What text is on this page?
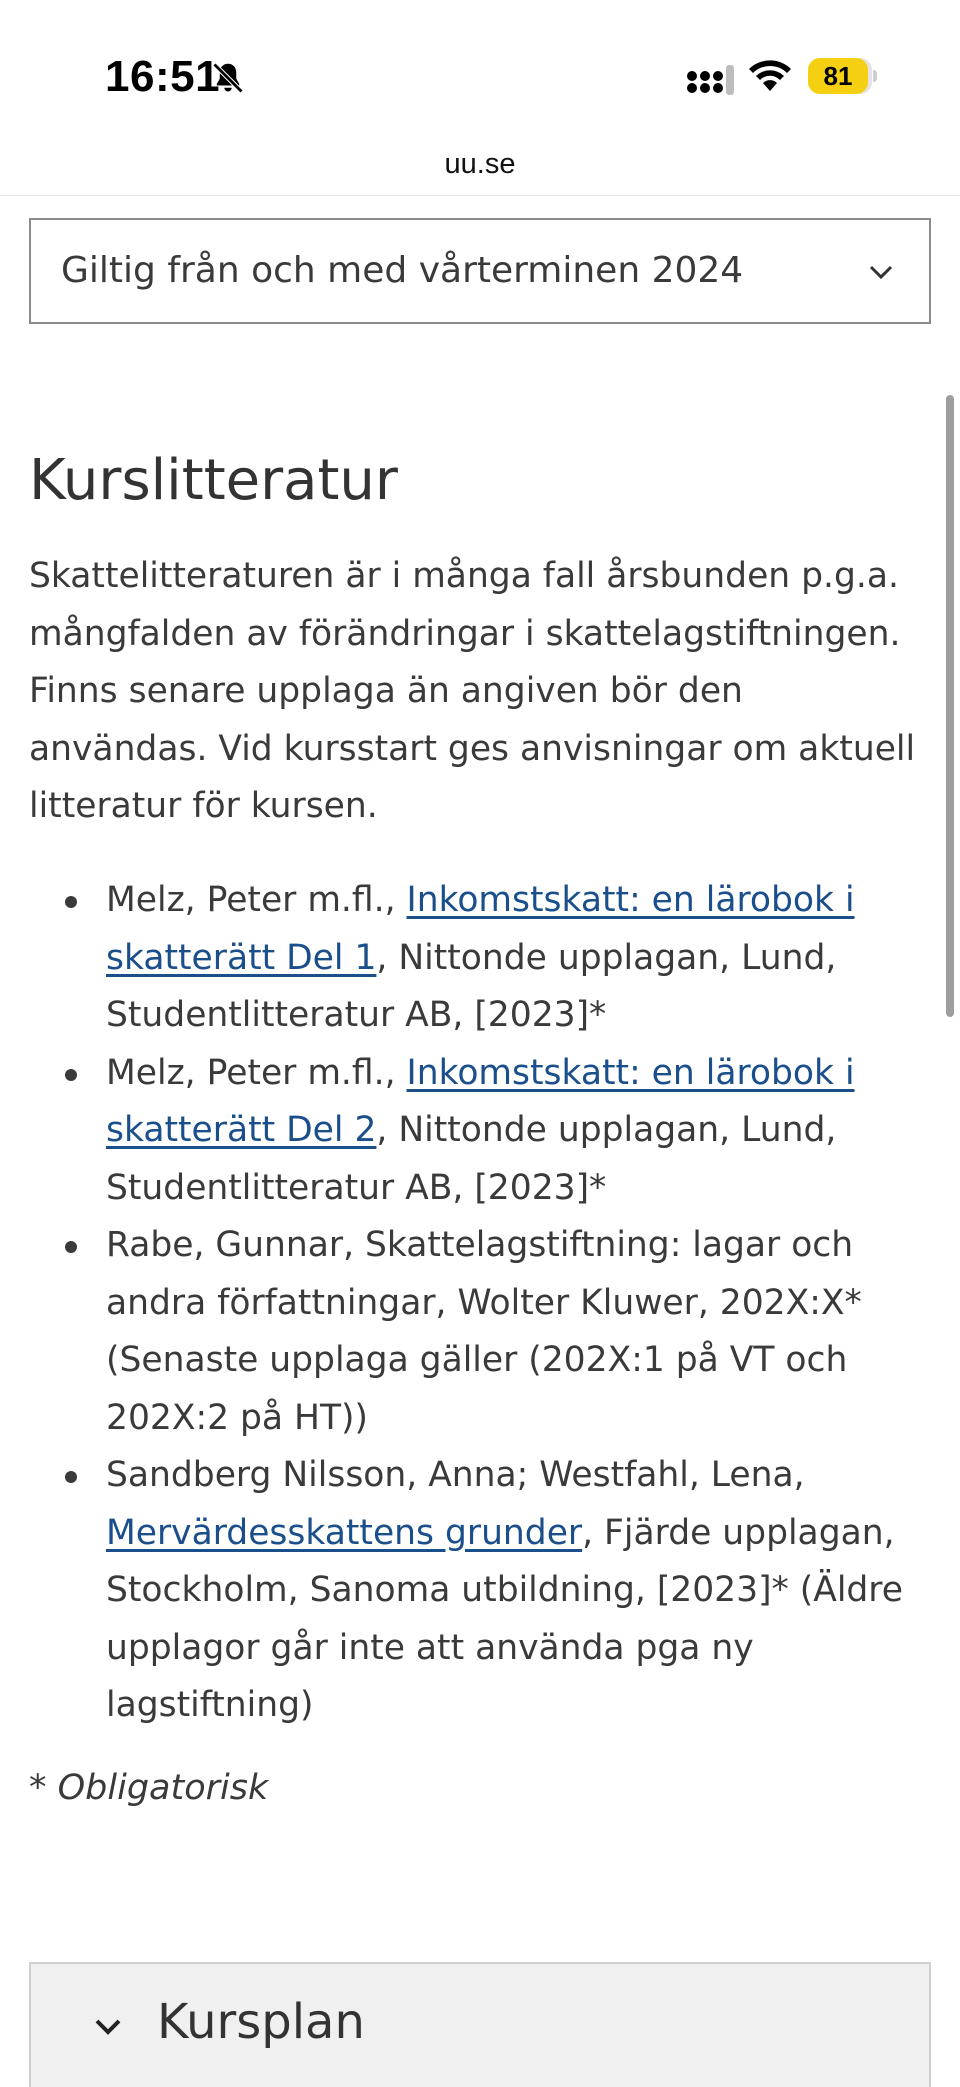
16:51	81
uu.se
Giltig från och med vårterminen 2024
Kurslitteratur

Skattelitteraturen är i många fall årsbunden p.g.a. mångfalden av förändringar i skattelagstiftningen. Finns senare upplaga än angiven bör den användas. Vid kursstart ges anvisningar om aktuell litteratur för kursen.

Melz, Peter m.fl., Inkomstskatt: en lärobok i skatterätt Del 1, Nittonde upplagan, Lund, Studentlitteratur AB, [2023]*
Melz, Peter m.fl., Inkomstskatt: en lärobok i skatterätt Del 2, Nittonde upplagan, Lund, Studentlitteratur AB, [2023]*
Rabe, Gunnar, Skattelagstiftning: lagar och andra författningar, Wolter Kluwer, 202X:X* (Senaste upplaga gäller (202X:1 på VT och 202X:2 på HT))
Sandberg Nilsson, Anna; Westfahl, Lena, Mervärdesskattens grunder, Fjärde upplagan, Stockholm, Sanoma utbildning, [2023]* (Äldre upplagor går inte att använda pga ny lagstiftning)

* Obligatorisk

Kursplan
